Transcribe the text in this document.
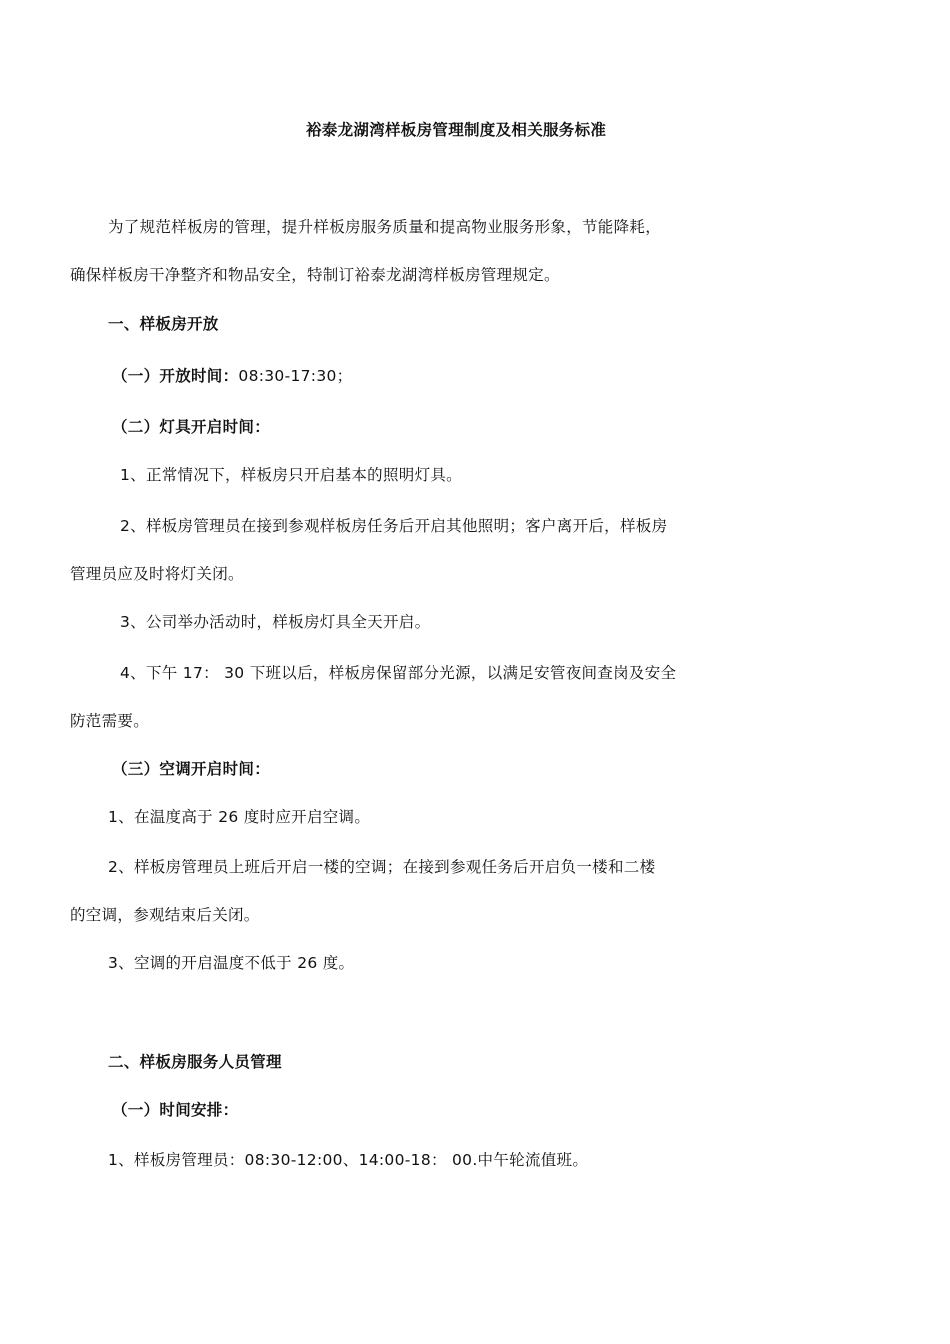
裕泰龙湖湾样板房管理制度及相关服务标准
为了规范样板房的管理，提升样板房服务质量和提高物业服务形象，节能降耗，
确保样板房干净整齐和物品安全，特制订裕泰龙湖湾样板房管理规定。
一、样板房开放
（一）开放时间：08:30-17:30；
（二）灯具开启时间：
1、正常情况下，样板房只开启基本的照明灯具。
2、样板房管理员在接到参观样板房任务后开启其他照明；客户离开后，样板房
管理员应及时将灯关闭。
3、公司举办活动时，样板房灯具全天开启。
4、下午 17： 30 下班以后，样板房保留部分光源，以满足安管夜间查岗及安全
防范需要。
（三）空调开启时间：
1、在温度高于 26 度时应开启空调。
2、样板房管理员上班后开启一楼的空调；在接到参观任务后开启负一楼和二楼
的空调，参观结束后关闭。
3、空调的开启温度不低于 26 度。
二、样板房服务人员管理
（一）时间安排：
1、样板房管理员：08:30-12:00、14:00-18： 00.中午轮流值班。
